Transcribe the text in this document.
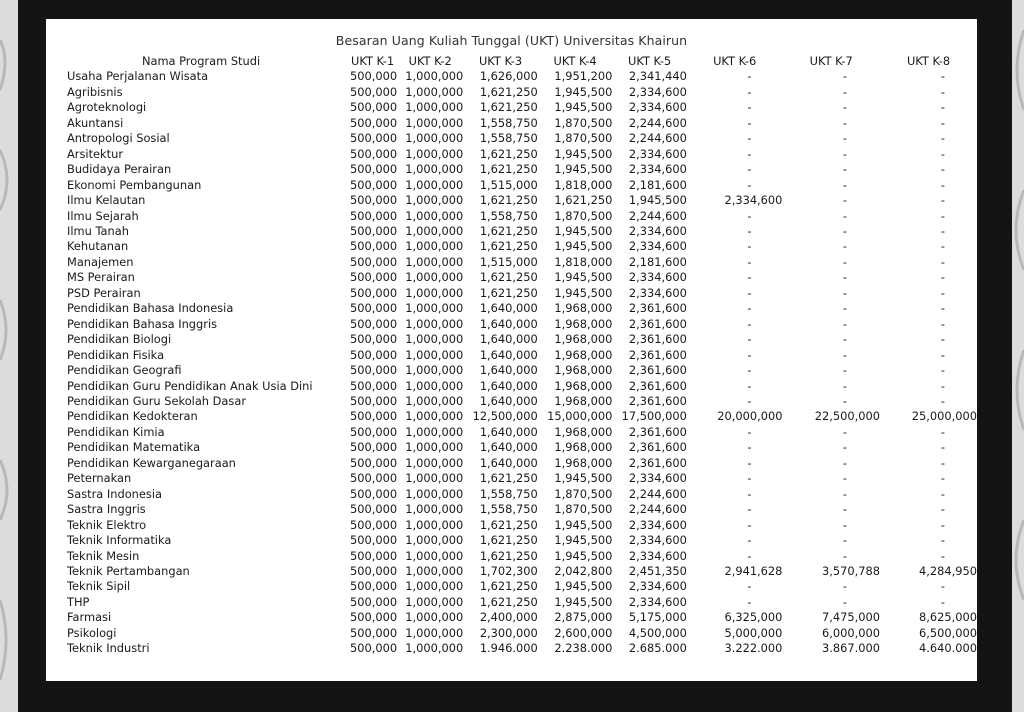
Besaran Uang Kuliah Tunggal (UKT) Universitas Khairun
Nama Program Studi	UKT K-1	UKT K-2	UKT K-3	UKT K-4	UKT K-5	UKT K-6	UKT K-7	UKT K-8
Usaha Perjalanan Wisata	500,000	1,000,000	1,626,000	1,951,200	2,341,440	-	-	-
Agribisnis	500,000	1,000,000	1,621,250	1,945,500	2,334,600	-	-	-
Agroteknologi	500,000	1,000,000	1,621,250	1,945,500	2,334,600	-	-	-
Akuntansi	500,000	1,000,000	1,558,750	1,870,500	2,244,600	-	-	-
Antropologi Sosial	500,000	1,000,000	1,558,750	1,870,500	2,244,600	-	-	-
Arsitektur	500,000	1,000,000	1,621,250	1,945,500	2,334,600	-	-	-
Budidaya Perairan	500,000	1,000,000	1,621,250	1,945,500	2,334,600	-	-	-
Ekonomi Pembangunan	500,000	1,000,000	1,515,000	1,818,000	2,181,600	-	-	-
Ilmu Kelautan	500,000	1,000,000	1,621,250	1,621,250	1,945,500	2,334,600	-	-
Ilmu Sejarah	500,000	1,000,000	1,558,750	1,870,500	2,244,600	-	-	-
Ilmu Tanah	500,000	1,000,000	1,621,250	1,945,500	2,334,600	-	-	-
Kehutanan	500,000	1,000,000	1,621,250	1,945,500	2,334,600	-	-	-
Manajemen	500,000	1,000,000	1,515,000	1,818,000	2,181,600	-	-	-
MS Perairan	500,000	1,000,000	1,621,250	1,945,500	2,334,600	-	-	-
PSD Perairan	500,000	1,000,000	1,621,250	1,945,500	2,334,600	-	-	-
Pendidikan Bahasa Indonesia	500,000	1,000,000	1,640,000	1,968,000	2,361,600	-	-	-
Pendidikan Bahasa Inggris	500,000	1,000,000	1,640,000	1,968,000	2,361,600	-	-	-
Pendidikan Biologi	500,000	1,000,000	1,640,000	1,968,000	2,361,600	-	-	-
Pendidikan Fisika	500,000	1,000,000	1,640,000	1,968,000	2,361,600	-	-	-
Pendidikan Geografi	500,000	1,000,000	1,640,000	1,968,000	2,361,600	-	-	-
Pendidikan Guru Pendidikan Anak Usia Dini	500,000	1,000,000	1,640,000	1,968,000	2,361,600	-	-	-
Pendidikan Guru Sekolah Dasar	500,000	1,000,000	1,640,000	1,968,000	2,361,600	-	-	-
Pendidikan Kedokteran	500,000	1,000,000	12,500,000	15,000,000	17,500,000	20,000,000	22,500,000	25,000,000
Pendidikan Kimia	500,000	1,000,000	1,640,000	1,968,000	2,361,600	-	-	-
Pendidikan Matematika	500,000	1,000,000	1,640,000	1,968,000	2,361,600	-	-	-
Pendidikan Kewarganegaraan	500,000	1,000,000	1,640,000	1,968,000	2,361,600	-	-	-
Peternakan	500,000	1,000,000	1,621,250	1,945,500	2,334,600	-	-	-
Sastra Indonesia	500,000	1,000,000	1,558,750	1,870,500	2,244,600	-	-	-
Sastra Inggris	500,000	1,000,000	1,558,750	1,870,500	2,244,600	-	-	-
Teknik Elektro	500,000	1,000,000	1,621,250	1,945,500	2,334,600	-	-	-
Teknik Informatika	500,000	1,000,000	1,621,250	1,945,500	2,334,600	-	-	-
Teknik Mesin	500,000	1,000,000	1,621,250	1,945,500	2,334,600	-	-	-
Teknik Pertambangan	500,000	1,000,000	1,702,300	2,042,800	2,451,350	2,941,628	3,570,788	4,284,950
Teknik Sipil	500,000	1,000,000	1,621,250	1,945,500	2,334,600	-	-	-
THP	500,000	1,000,000	1,621,250	1,945,500	2,334,600	-	-	-
Farmasi	500,000	1,000,000	2,400,000	2,875,000	5,175,000	6,325,000	7,475,000	8,625,000
Psikologi	500,000	1,000,000	2,300,000	2,600,000	4,500,000	5,000,000	6,000,000	6,500,000
Teknik Industri	500,000	1,000,000	1.946.000	2.238.000	2.685.000	3.222.000	3.867.000	4.640.000
